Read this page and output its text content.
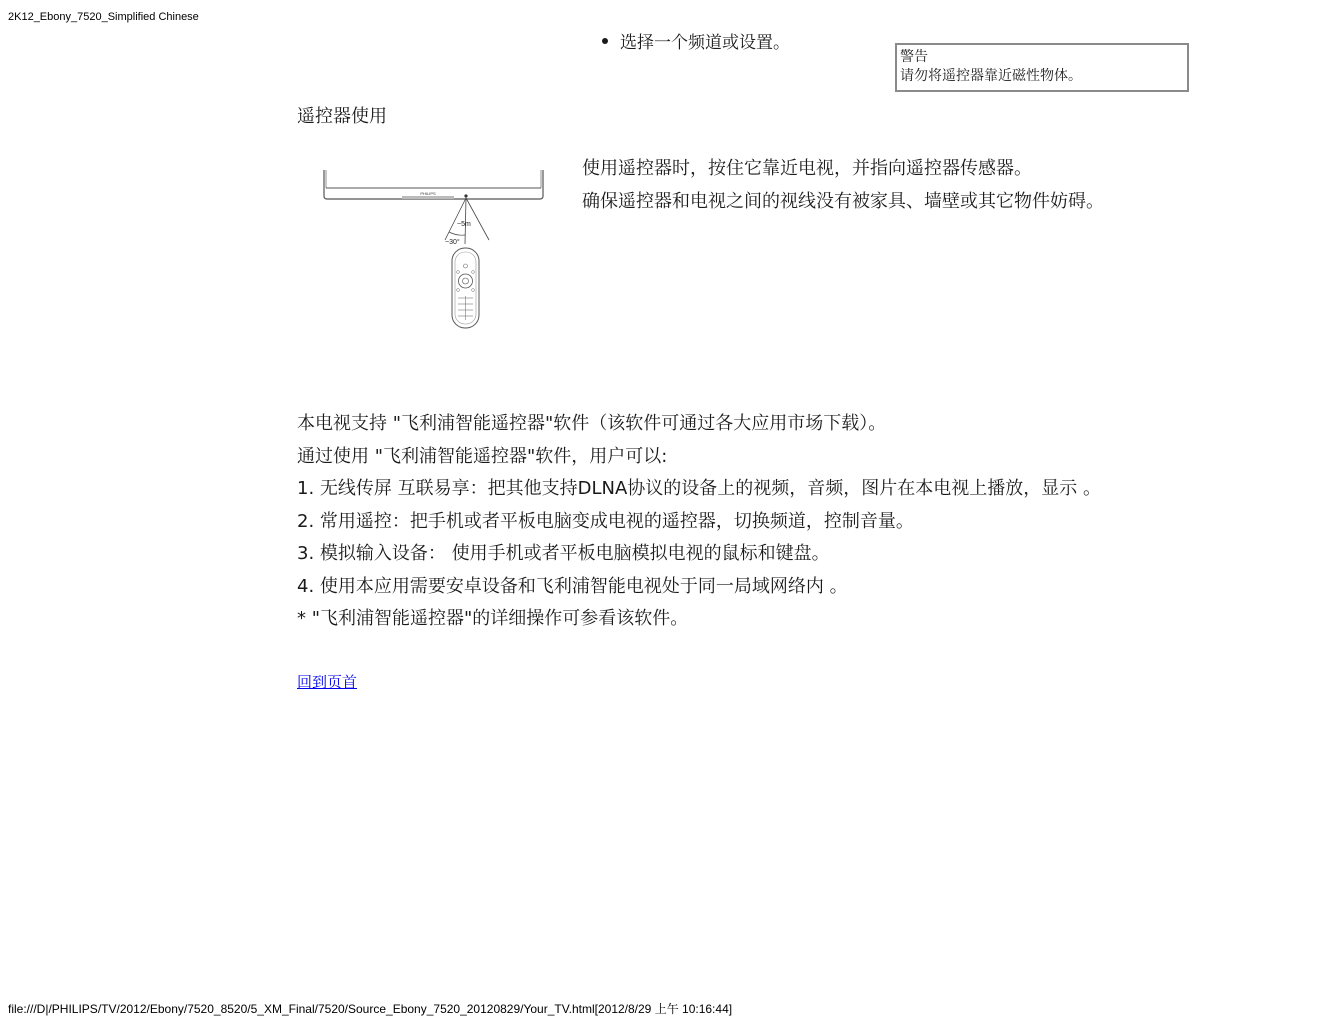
2K12_Ebony_7520_Simplified Chinese
选择一个频道或设置。
警告
请勿将遥控器靠近磁性物体。
遥控器使用
PHILIPS
~5m
~30°
使用遥控器时，按住它靠近电视，并指向遥控器传感器。
确保遥控器和电视之间的视线没有被家具、墙壁或其它物件妨碍。
本电视支持 "飞利浦智能遥控器"软件（该软件可通过各大应用市场下载）。
通过使用 "飞利浦智能遥控器"软件，用户可以:
1. 无线传屏 互联易享：把其他支持DLNA协议的设备上的视频，音频，图片在本电视上播放，显示 。
2. 常用遥控：把手机或者平板电脑变成电视的遥控器，切换频道，控制音量。
3. 模拟输入设备： 使用手机或者平板电脑模拟电视的鼠标和键盘。
4. 使用本应用需要安卓设备和飞利浦智能电视处于同一局域网络内 。
* "飞利浦智能遥控器"的详细操作可参看该软件。
回到页首
file:///D|/PHILIPS/TV/2012/Ebony/7520_8520/5_XM_Final/7520/Source_Ebony_7520_20120829/Your_TV.html[2012/8/29 上午 10:16:44]
